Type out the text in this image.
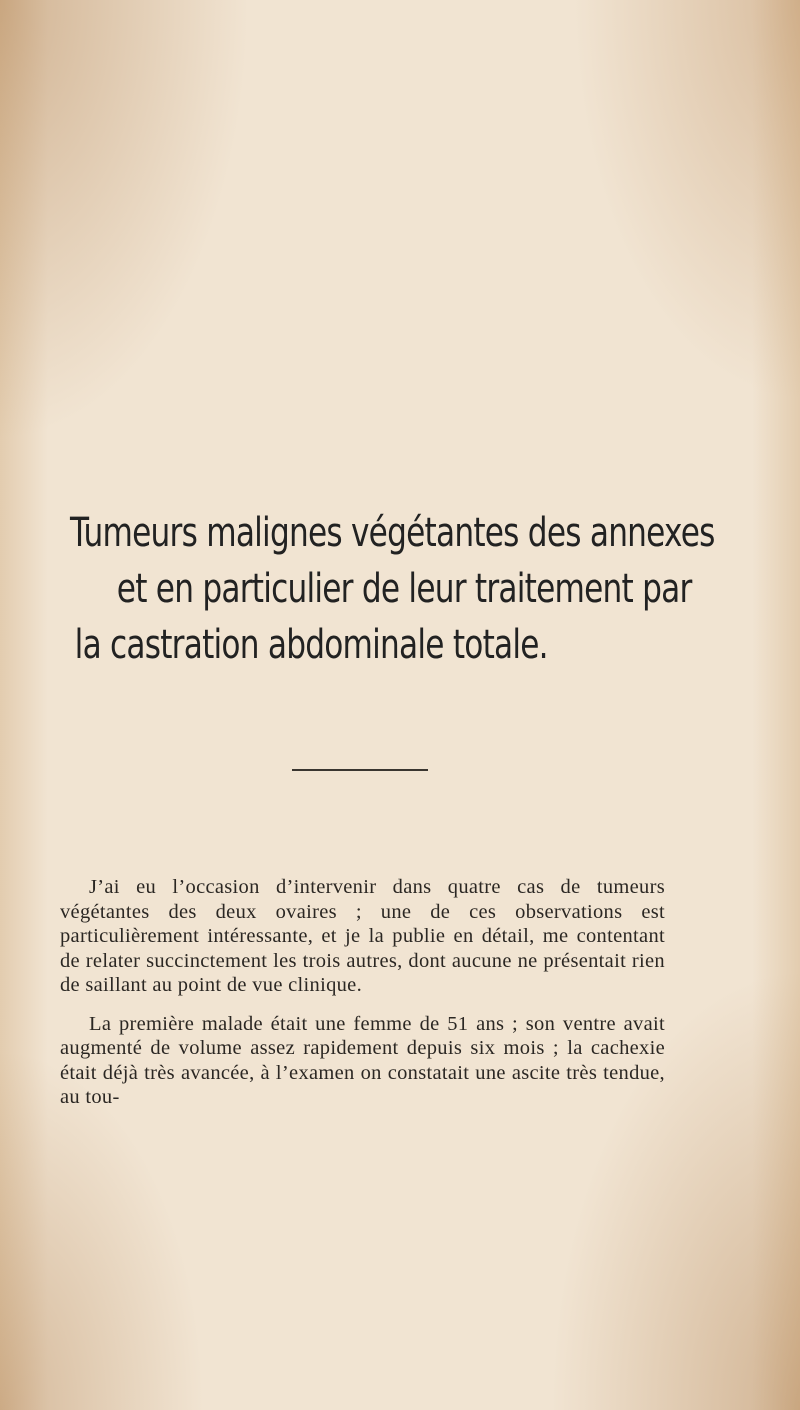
Tumeurs malignes végétantes des annexes
et en particulier de leur traitement par
la castration abdominale totale.

J’ai eu l’occasion d’intervenir dans quatre cas de tumeurs végétantes des deux ovaires ; une de ces observations est particulièrement intéressante, et je la publie en détail, me contentant de relater succinctement les trois autres, dont aucune ne présentait rien de saillant au point de vue clinique.

La première malade était une femme de 51 ans ; son ventre avait augmenté de volume assez rapidement depuis six mois ; la cachexie était déjà très avancée, à l’examen on constatait une ascite très tendue, au tou-
